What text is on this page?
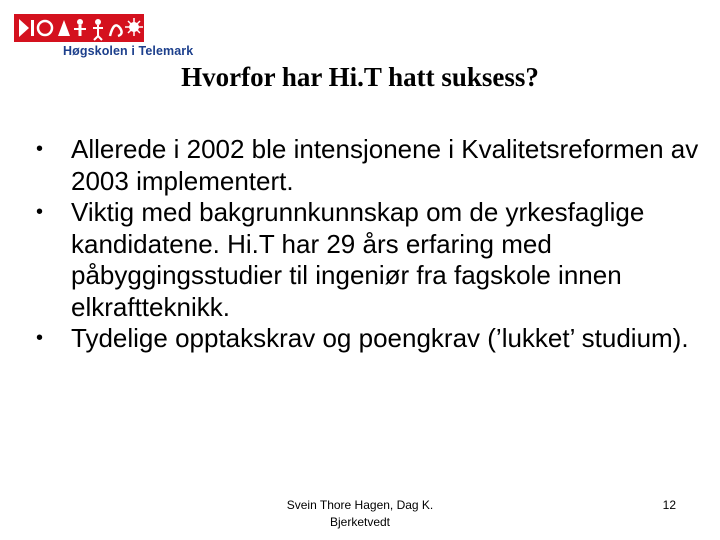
Høgskolen i Telemark
Hvorfor har Hi.T hatt suksess?
• Allerede i 2002 ble intensjonene i Kvalitetsreformen av 2003 implementert.
• Viktig med bakgrunnkunnskap om de yrkesfaglige kandidatene. Hi.T har 29 års erfaring med påbyggingsstudier til ingeniør fra fagskole innen elkraftteknikk.
• Tydelige opptakskrav og poengkrav (’lukket’ studium).
Svein Thore Hagen, Dag K. Bjerketvedt
12
